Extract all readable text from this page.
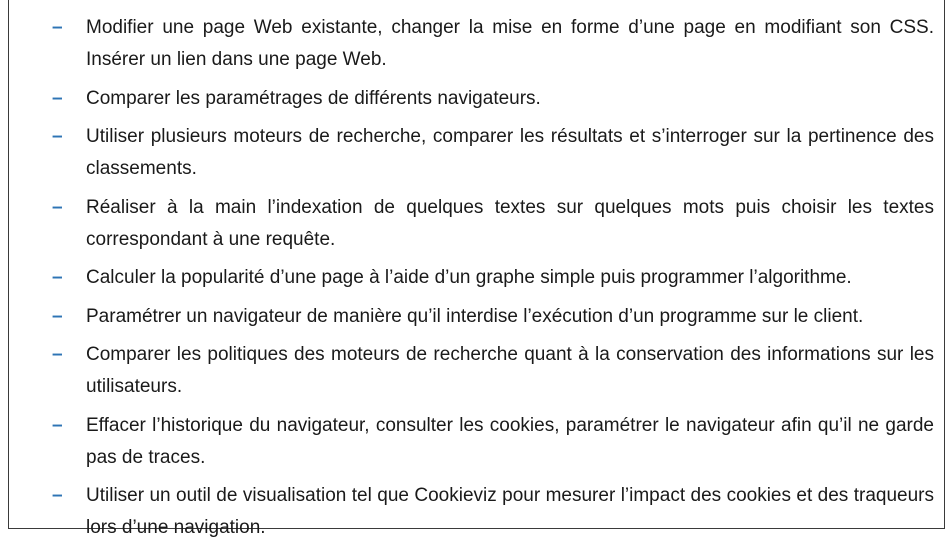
– Modifier une page Web existante, changer la mise en forme d’une page en modifiant son CSS. Insérer un lien dans une page Web.
– Comparer les paramétrages de différents navigateurs.
– Utiliser plusieurs moteurs de recherche, comparer les résultats et s’interroger sur la pertinence des classements.
– Réaliser à la main l’indexation de quelques textes sur quelques mots puis choisir les textes correspondant à une requête.
– Calculer la popularité d’une page à l’aide d’un graphe simple puis programmer l’algorithme.
– Paramétrer un navigateur de manière qu’il interdise l’exécution d’un programme sur le client.
– Comparer les politiques des moteurs de recherche quant à la conservation des informations sur les utilisateurs.
– Effacer l’historique du navigateur, consulter les cookies, paramétrer le navigateur afin qu’il ne garde pas de traces.
– Utiliser un outil de visualisation tel que Cookieviz pour mesurer l’impact des cookies et des traqueurs lors d’une navigation.
